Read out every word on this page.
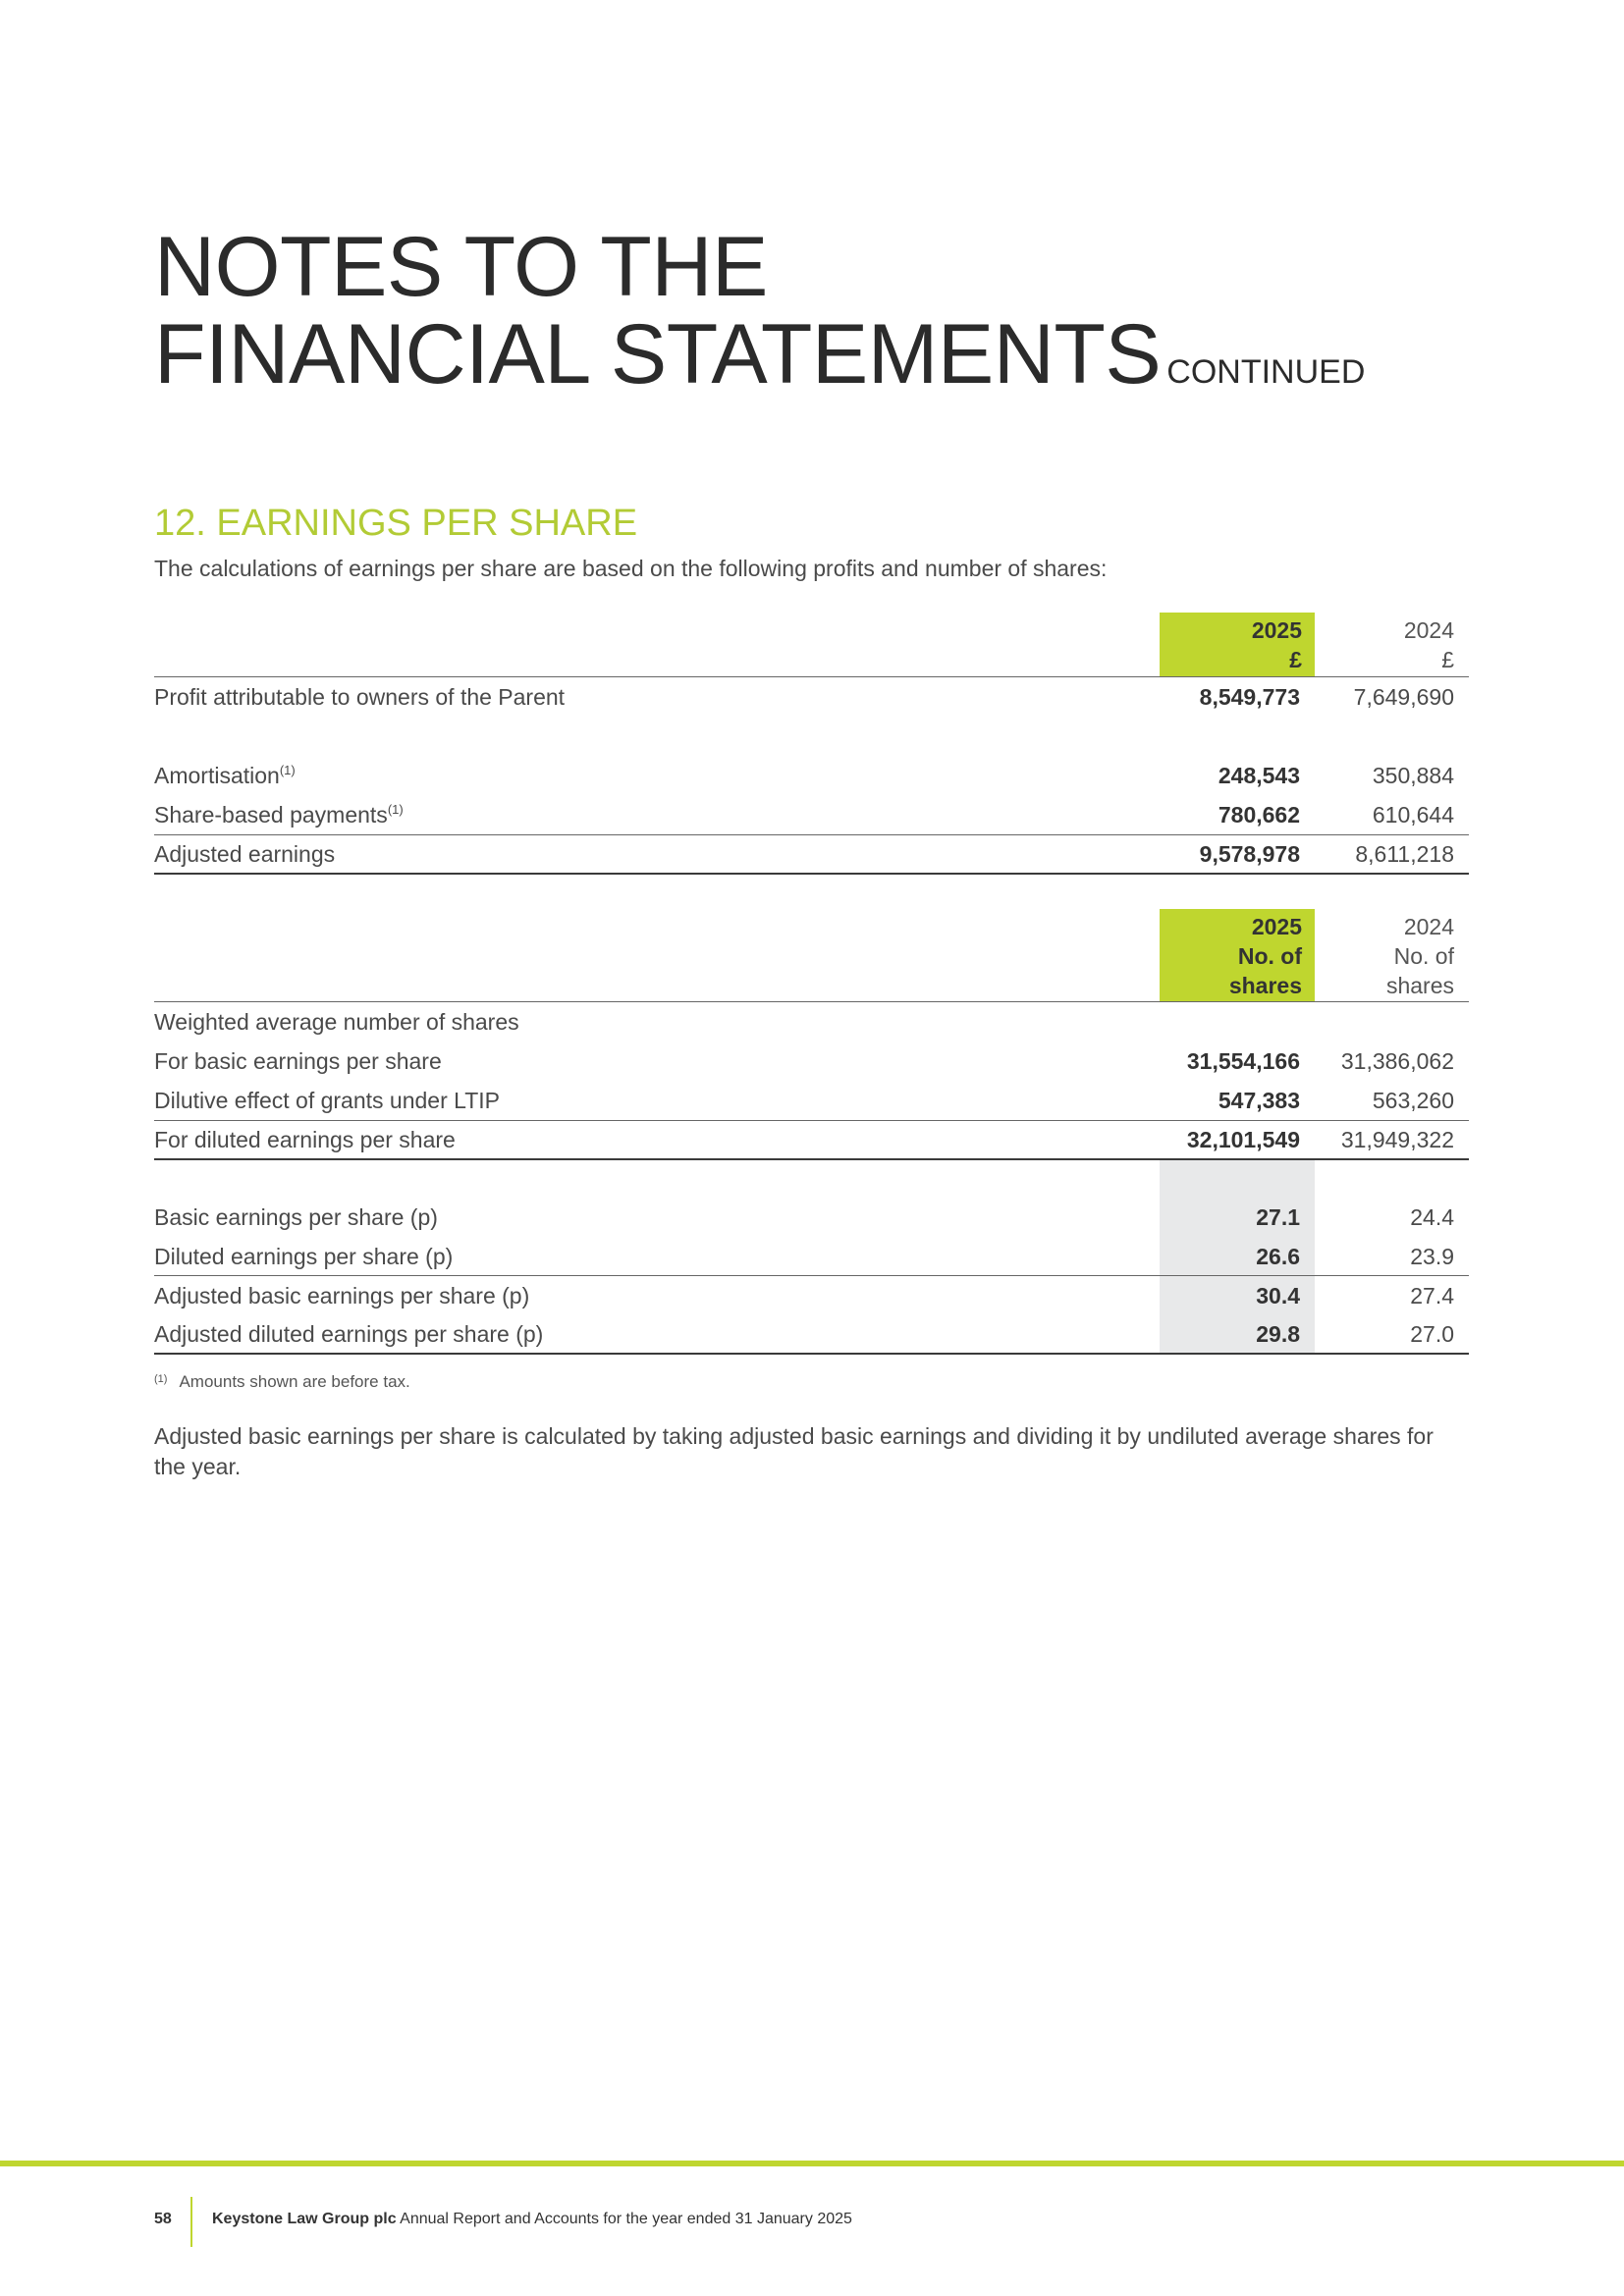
NOTES TO THE
FINANCIAL STATEMENTS CONTINUED
12. EARNINGS PER SHARE
The calculations of earnings per share are based on the following profits and number of shares:
2025
£
2024
£
Profit attributable to owners of the Parent	8,549,773 7,649,690
Amortisation$^{(1)}$	248,543	350,884
Share-based payments$^{(1)}$	780,662	610,644
Adjusted earnings	9,578,978 8,611,218
2025
No. of
shares
2024
No. of
shares
Weighted average number of shares
For basic earnings per share	31,554,166 31,386,062
Dilutive effect of grants under LTIP	547,383	563,260
For diluted earnings per share	32,101,549 31,949,322
Basic earnings per share (p)	27.1	24.4
Diluted earnings per share (p)	26.6	23.9
Adjusted basic earnings per share (p)	30.4	27.4
Adjusted diluted earnings per share (p)	29.8	27.0
$^{(1)}$ Amounts shown are before tax.
Adjusted basic earnings per share is calculated by taking adjusted basic earnings and dividing it by undiluted average shares for the year.
58	Keystone Law Group plc Annual Report and Accounts for the year ended 31 January 2025
